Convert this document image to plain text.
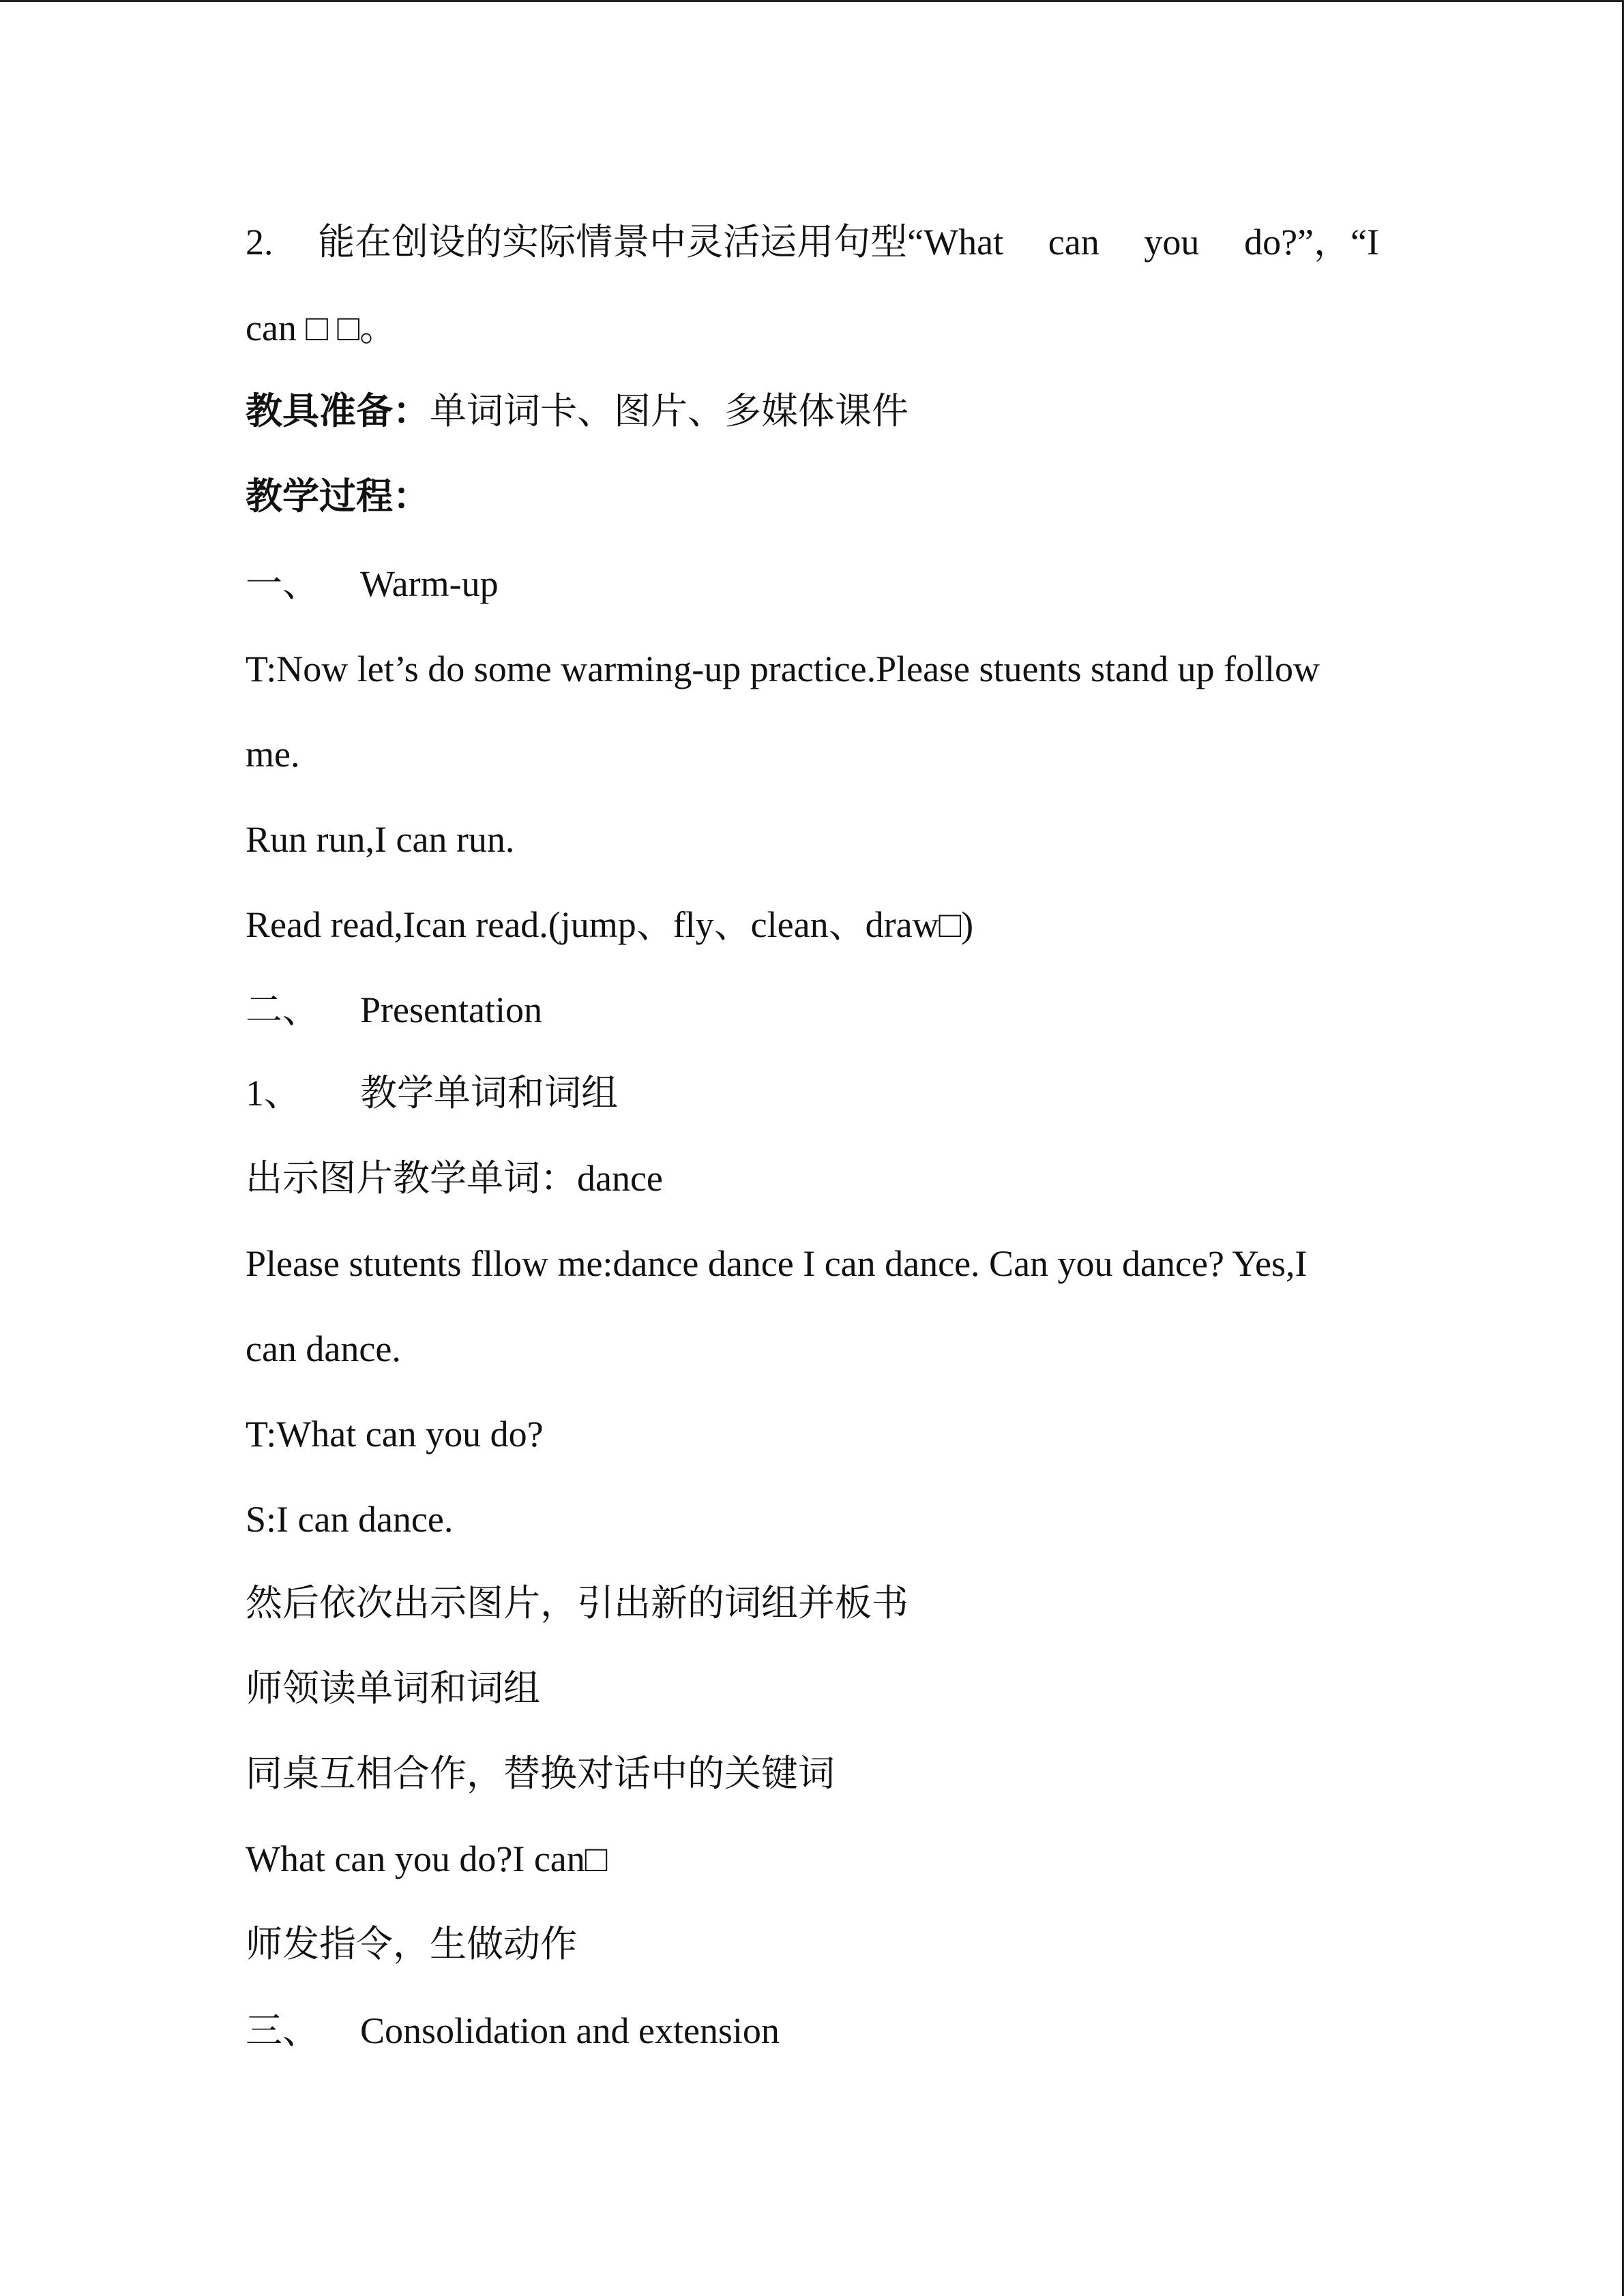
2. 能在创设的实际情景中灵活运用句型“What can you do?”，“I

can □ □。

教具准备：单词词卡、图片、多媒体课件

教学过程：

一、 Warm-up

T:Now let’s do some warming-up practice.Please stuents stand up follow

me.

Run run,I can run.

Read read,Ican read.(jump、fly、clean、draw□)

二、 Presentation

1、 教学单词和词组

出示图片教学单词：dance

Please stutents fllow me:dance dance I can dance. Can you dance? Yes,I

can dance.

T:What can you do?

S:I can dance.

然后依次出示图片，引出新的词组并板书

师领读单词和词组

同桌互相合作，替换对话中的关键词

What can you do?I can□

师发指令，生做动作

三、 Consolidation and extension
